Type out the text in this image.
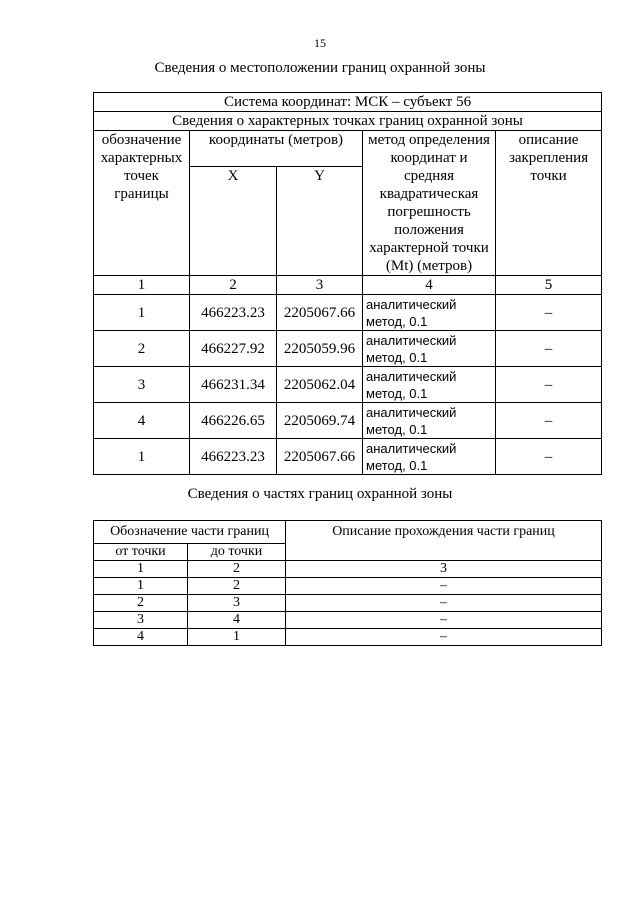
15
Сведения о местоположении границ охранной зоны
Система координат: МСК – субъект 56				
Сведения о характерных точках границ охранной зоны				
обозначение характерных точек границы	координаты (метров)		метод определения координат и средняя квадратическая погрешность положения характерной точки (Mt) (метров)	описание закрепления точки
	X	Y		
1	2	3	4	5
1	466223.23	2205067.66	аналитический метод, 0.1	–
2	466227.92	2205059.96	аналитический метод, 0.1	–
3	466231.34	2205062.04	аналитический метод, 0.1	–
4	466226.65	2205069.74	аналитический метод, 0.1	–
1	466223.23	2205067.66	аналитический метод, 0.1	–
Сведения о частях границ охранной зоны
Обозначение части границ		Описание прохождения части границ
от точки	до точки	
1	2	3
1	2	–
2	3	–
3	4	–
4	1	–
